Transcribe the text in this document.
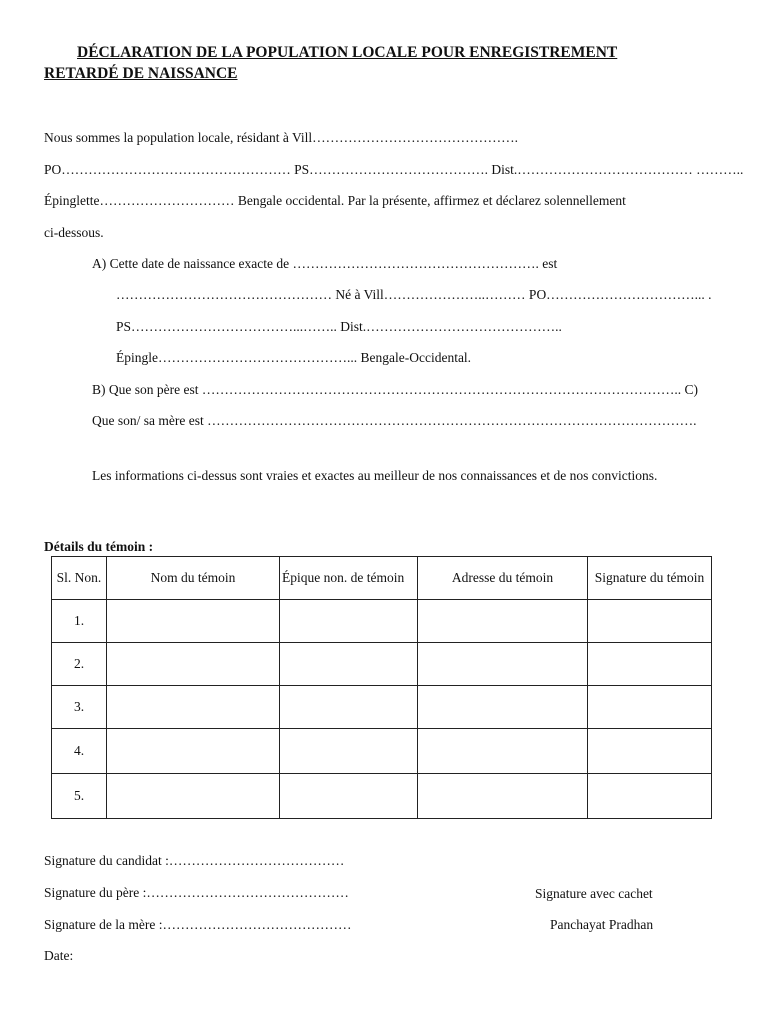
DÉCLARATION DE LA POPULATION LOCALE POUR ENREGISTREMENT
RETARDÉ DE NAISSANCE
Nous sommes la population locale, résidant à Vill……………………………………….
PO…………………………………………… PS…………………………………. Dist.………………………………… ………..
Épinglette………………………… Bengale occidental. Par la présente, affirmez et déclarez solennellement
ci-dessous.
A) Cette date de naissance exacte de ………………………………………………. est
………………………………………… Né à Vill…………………..……… PO……………………………... .
PS………………………………...…….. Dist.……………………………………..
Épingle……………………………………... Bengale-Occidental.
B) Que son père est …………………………………………………………………………………………….. C)
Que son/ sa mère est ……………………………………………………………………………………………….
Les informations ci-dessus sont vraies et exactes au meilleur de nos connaissances et de nos convictions.
Détails du témoin :
Sl. Non.	Nom du témoin	Épique non. de témoin	Adresse du témoin	Signature du témoin
1.				
2.				
3.				
4.				
5.				
Signature du candidat :…………………………………
Signature du père :………………………………………
Signature de la mère :……………………………………
Date:
Signature avec cachet
Panchayat Pradhan
